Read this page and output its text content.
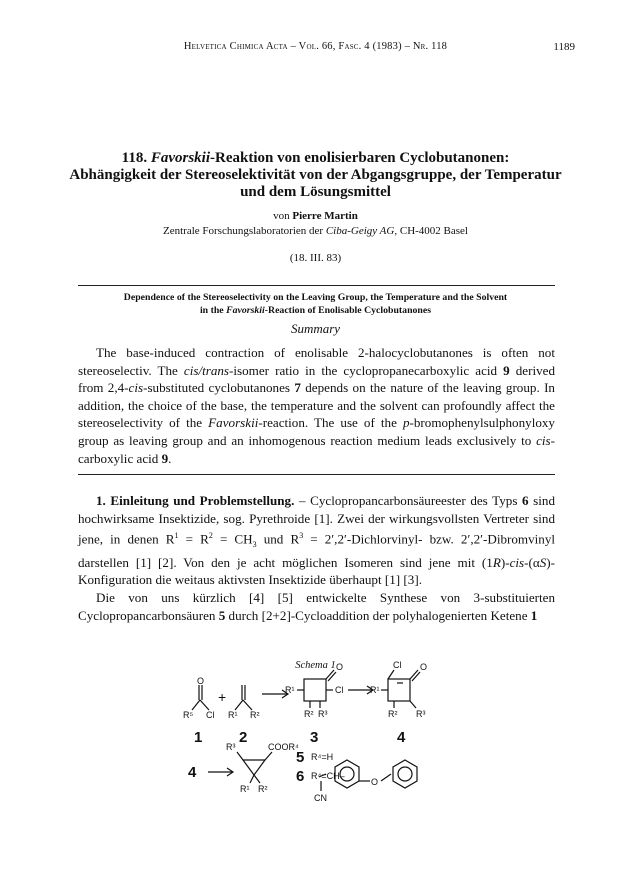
Helvetica Chimica Acta – Vol. 66, Fasc. 4 (1983) – Nr. 118	1189
118. Favorskii-Reaktion von enolisierbaren Cyclobutanonen:
Abhängigkeit der Stereoselektivität von der Abgangsgruppe, der Temperatur
und dem Lösungsmittel
von Pierre Martin
Zentrale Forschungslaboratorien der Ciba-Geigy AG, CH-4002 Basel
(18. III. 83)
Dependence of the Stereoselectivity on the Leaving Group, the Temperature and the Solvent
in the Favorskii-Reaction of Enolisable Cyclobutanones
Summary

The base-induced contraction of enolisable 2-halocyclobutanones is often not stereoselectiv. The cis/trans-isomer ratio in the cyclopropanecarboxylic acid 9 derived from 2,4-cis-substituted cyclobutanones 7 depends on the nature of the leaving group. In addition, the choice of the base, the temperature and the solvent can profoundly affect the stereoselectivity of the Favorskii-reaction. The use of the p-bromophenylsulphonyloxy group as leaving group and an inhomogenous reaction medium leads exclusively to cis-carboxylic acid 9.

1. Einleitung und Problemstellung. – Cyclopropancarbonsäureester des Typs 6 sind hochwirksame Insektizide, sog. Pyrethroide [1]. Zwei der wirkungsvollsten Vertreter sind jene, in denen $R^1 = R^2 = CH_3$ und $R^3$ = 2′,2′-Dichlorvinyl- bzw. 2′,2′-Dibromvinyl darstellen [1] [2]. Von den je acht möglichen Isomeren sind jene mit (1R)-cis-(αS)-Konfiguration die weitaus aktivsten Insektizide überhaupt [1] [3].

Die von uns kürzlich [4] [5] entwickelte Synthese von 3-substituierten Cyclopropancarbonsäuren 5 durch [2+2]-Cycloaddition der polyhalogenierten Ketene 1

Schema 1
O
+
R⁵ Cl R¹ R²
O
R¹	Cl
R² R³
Cl O
R¹
R² R³
R³	COOR⁴
R¹ R²
R⁴=H
R⁴=CH–
CN
O
1 2	3	4
4
5
6
